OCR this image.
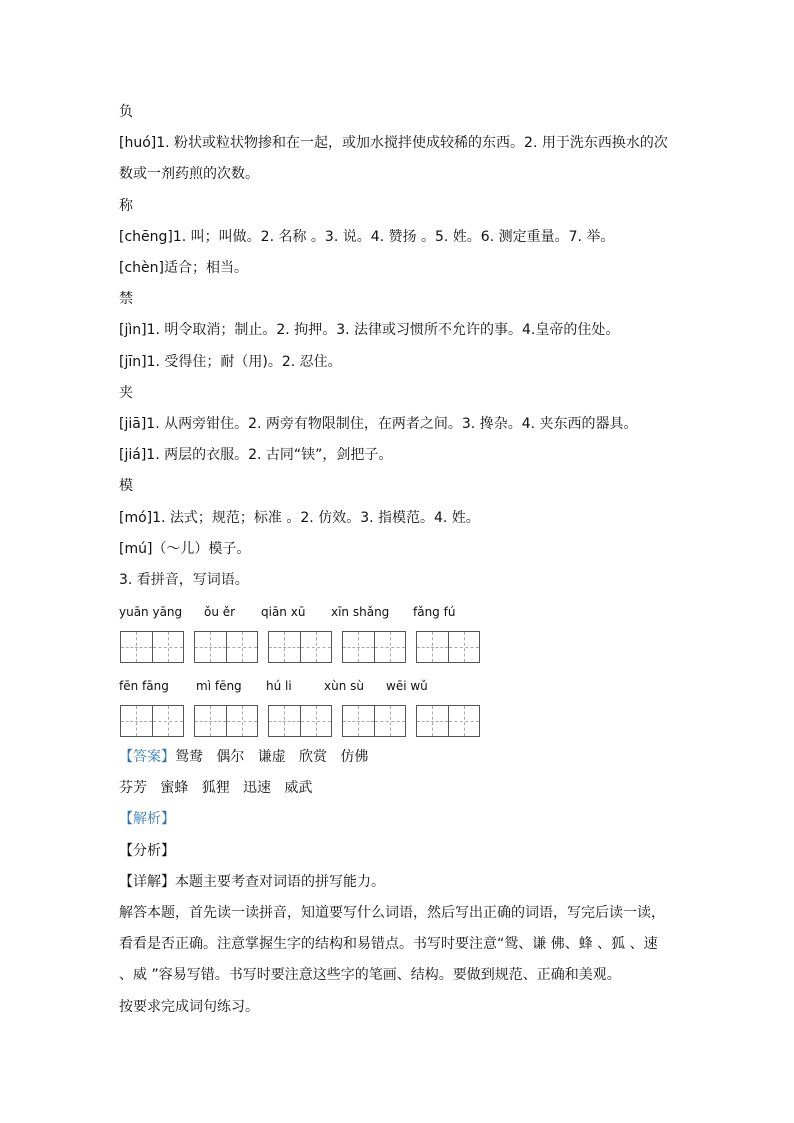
负
[huó]1. 粉状或粒状物掺和在一起，或加水搅拌使成较稀的东西。2. 用于洗东西换水的次
数或一剂药煎的次数。
称
[chēng]1. 叫；叫做。2. 名称 。3. 说。4. 赞扬 。5. 姓。6. 测定重量。7. 举。
[chèn]适合；相当。
禁
[jìn]1. 明令取消；制止。2. 拘押。3. 法律或习惯所不允许的事。4.皇帝的住处。
[jīn]1. 受得住；耐（用)。2. 忍住。
夹
[jiā]1. 从两旁钳住。2. 两旁有物限制住，在两者之间。3. 搀杂。4. 夹东西的器具。
[jiá]1. 两层的衣服。2. 古同“铗”，剑把子。
模
[mó]1. 法式；规范；标准 。2. 仿效。3. 指模范。4. 姓。
[mú]（～儿）模子。
3. 看拼音，写词语。
yuān yāng ǒu ěr qiān xū xīn shǎng fǎng fú
fēn fāng mì fēng hú li	xùn sù wēi wǔ
【答案】鸳鸯   偶尔   谦虚   欣赏   仿佛
芬芳   蜜蜂   狐狸   迅速   威武
【解析】
【分析】
【详解】本题主要考查对词语的拼写能力。
解答本题，首先读一读拼音，知道要写什么词语，然后写出正确的词语，写完后读一读，
看看是否正确。注意掌握生字的结构和易错点。书写时要注意“鸳、谦 佛、蜂 、狐 、速
、威 ”容易写错。书写时要注意这些字的笔画、结构。要做到规范、正确和美观。
按要求完成词句练习。
